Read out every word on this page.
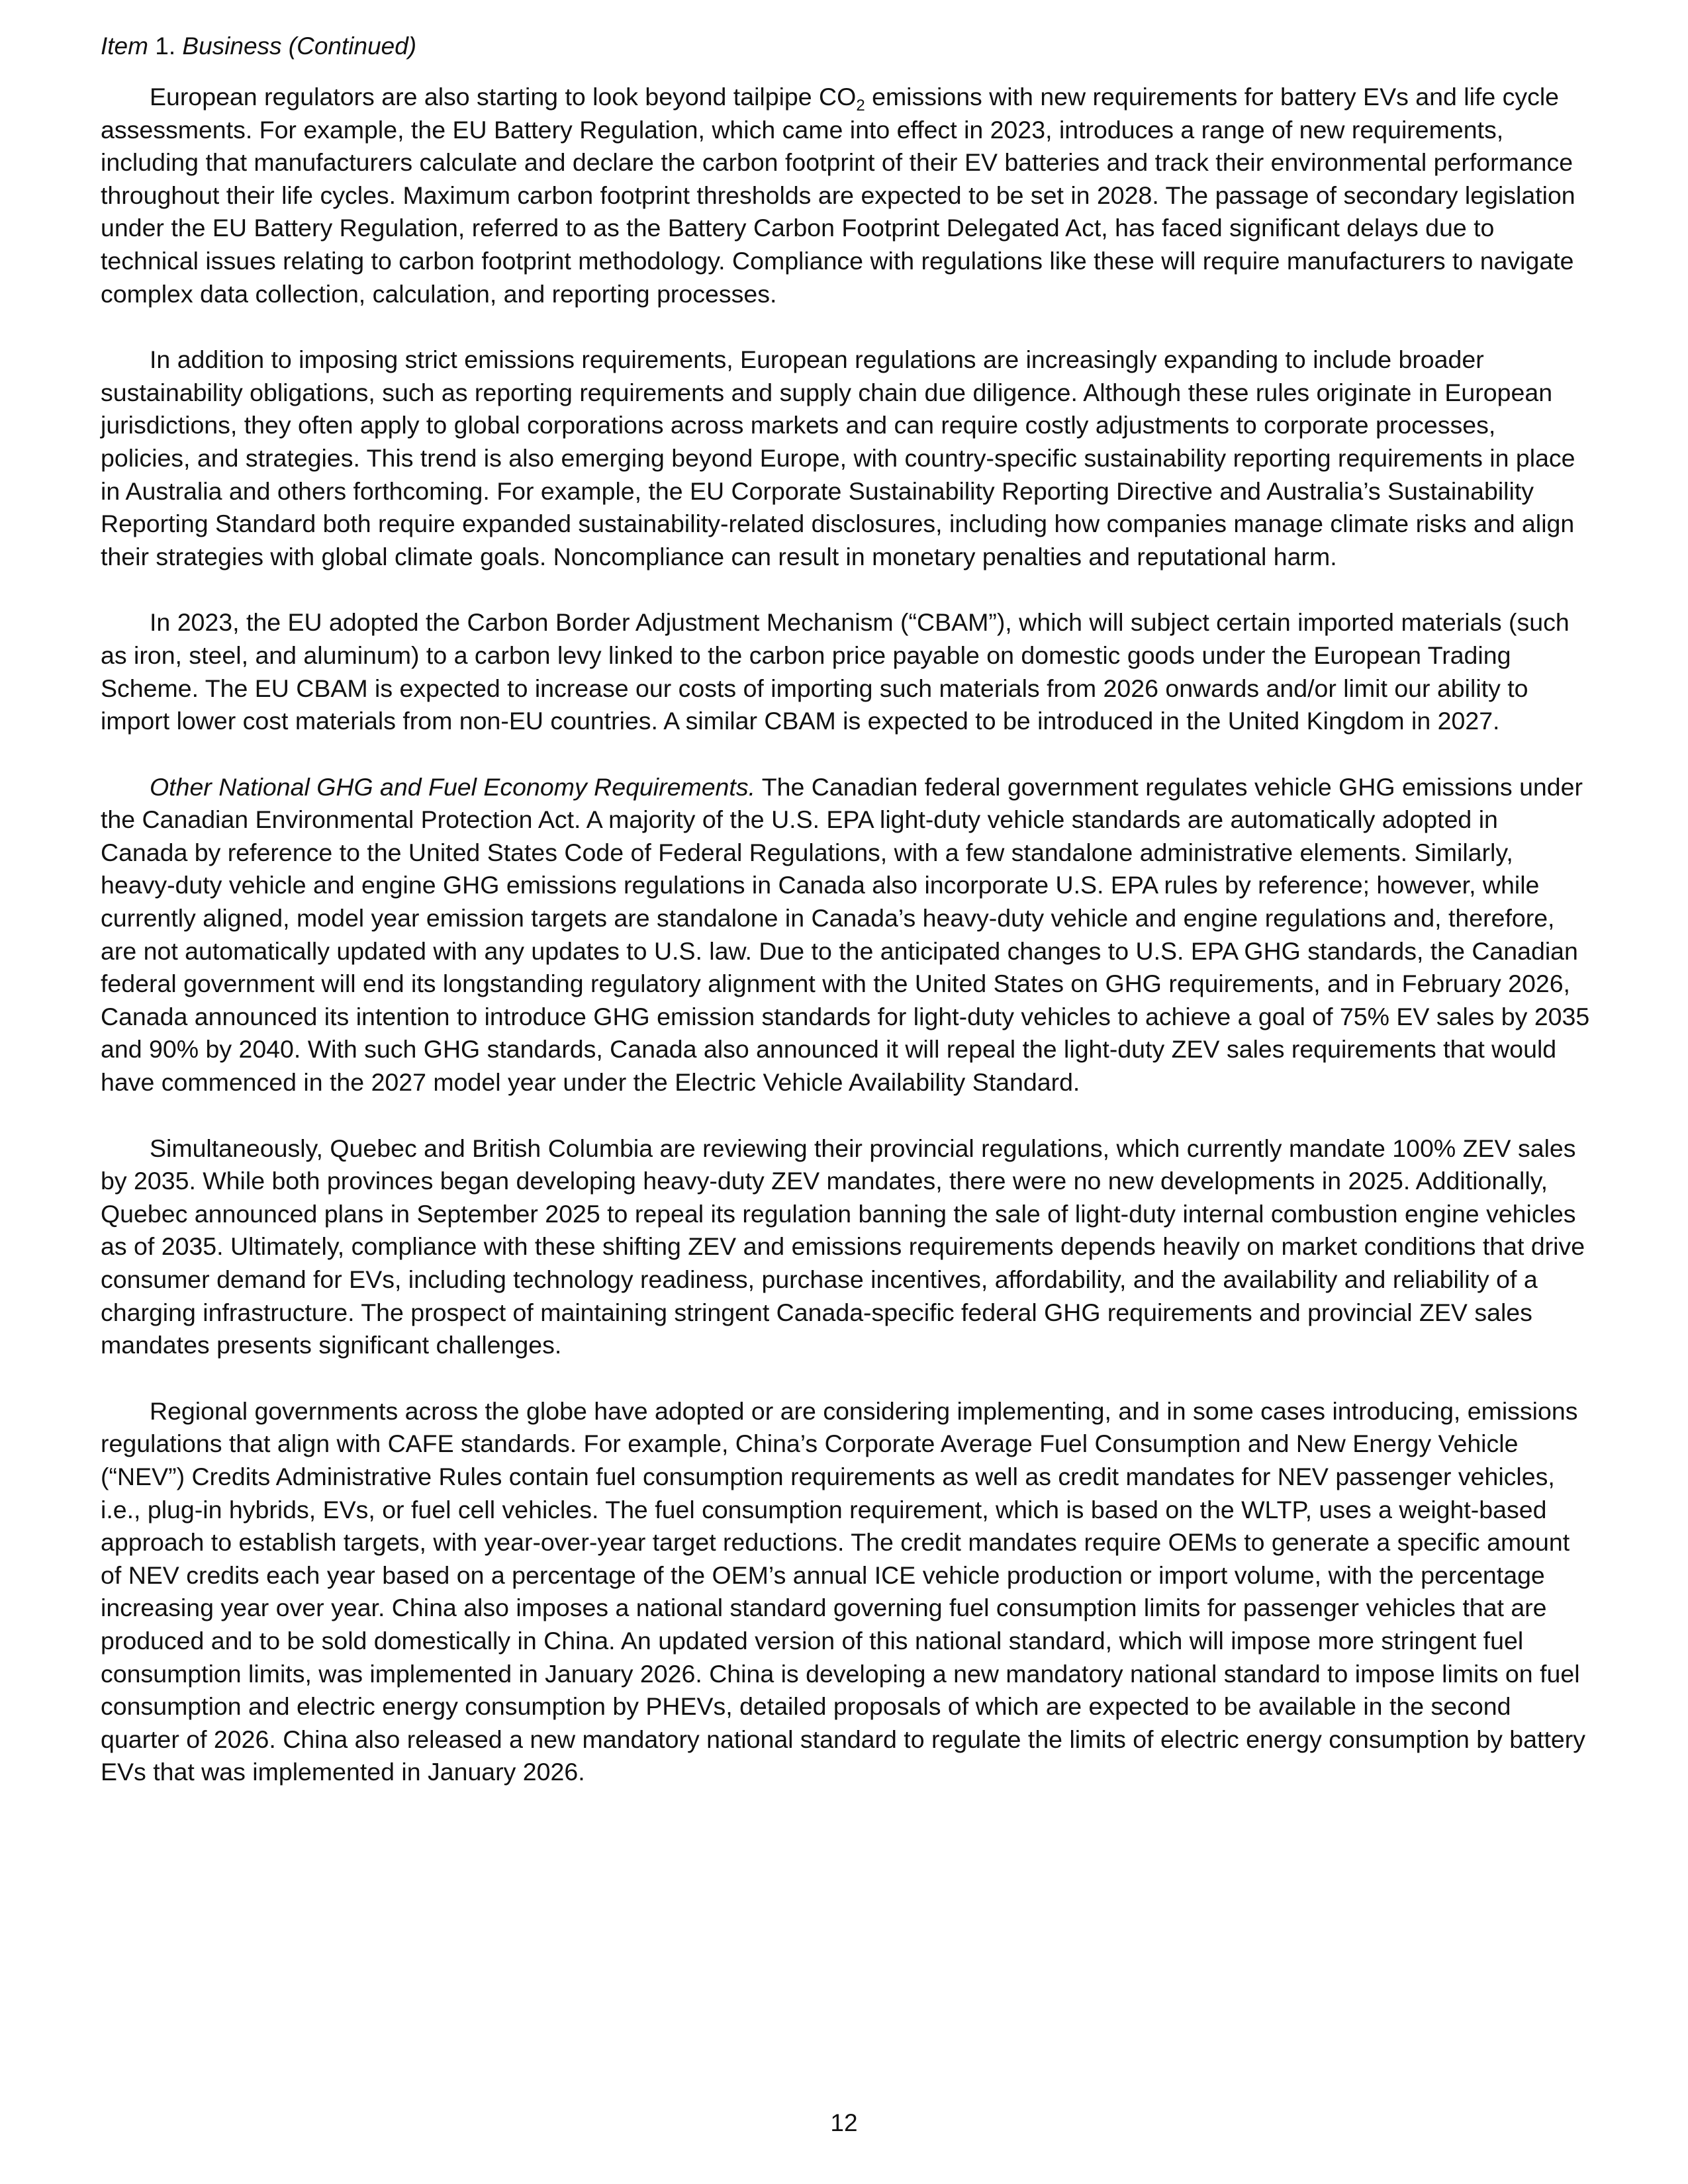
Item 1. Business (Continued)

European regulators are also starting to look beyond tailpipe $CO_2$ emissions with new requirements for battery EVs and life cycle assessments. For example, the EU Battery Regulation, which came into effect in 2023, introduces a range of new requirements, including that manufacturers calculate and declare the carbon footprint of their EV batteries and track their environmental performance throughout their life cycles. Maximum carbon footprint thresholds are expected to be set in 2028. The passage of secondary legislation under the EU Battery Regulation, referred to as the Battery Carbon Footprint Delegated Act, has faced significant delays due to technical issues relating to carbon footprint methodology. Compliance with regulations like these will require manufacturers to navigate complex data collection, calculation, and reporting processes.

In addition to imposing strict emissions requirements, European regulations are increasingly expanding to include broader sustainability obligations, such as reporting requirements and supply chain due diligence. Although these rules originate in European jurisdictions, they often apply to global corporations across markets and can require costly adjustments to corporate processes, policies, and strategies. This trend is also emerging beyond Europe, with country-specific sustainability reporting requirements in place in Australia and others forthcoming. For example, the EU Corporate Sustainability Reporting Directive and Australia’s Sustainability Reporting Standard both require expanded sustainability-related disclosures, including how companies manage climate risks and align their strategies with global climate goals. Noncompliance can result in monetary penalties and reputational harm.

In 2023, the EU adopted the Carbon Border Adjustment Mechanism (“CBAM”), which will subject certain imported materials (such as iron, steel, and aluminum) to a carbon levy linked to the carbon price payable on domestic goods under the European Trading Scheme. The EU CBAM is expected to increase our costs of importing such materials from 2026 onwards and/or limit our ability to import lower cost materials from non-EU countries. A similar CBAM is expected to be introduced in the United Kingdom in 2027.

Other National GHG and Fuel Economy Requirements. The Canadian federal government regulates vehicle GHG emissions under the Canadian Environmental Protection Act. A majority of the U.S. EPA light-duty vehicle standards are automatically adopted in Canada by reference to the United States Code of Federal Regulations, with a few standalone administrative elements. Similarly, heavy-duty vehicle and engine GHG emissions regulations in Canada also incorporate U.S. EPA rules by reference; however, while currently aligned, model year emission targets are standalone in Canada’s heavy-duty vehicle and engine regulations and, therefore, are not automatically updated with any updates to U.S. law. Due to the anticipated changes to U.S. EPA GHG standards, the Canadian federal government will end its longstanding regulatory alignment with the United States on GHG requirements, and in February 2026, Canada announced its intention to introduce GHG emission standards for light-duty vehicles to achieve a goal of 75% EV sales by 2035 and 90% by 2040. With such GHG standards, Canada also announced it will repeal the light-duty ZEV sales requirements that would have commenced in the 2027 model year under the Electric Vehicle Availability Standard.

Simultaneously, Quebec and British Columbia are reviewing their provincial regulations, which currently mandate 100% ZEV sales by 2035. While both provinces began developing heavy-duty ZEV mandates, there were no new developments in 2025. Additionally, Quebec announced plans in September 2025 to repeal its regulation banning the sale of light-duty internal combustion engine vehicles as of 2035. Ultimately, compliance with these shifting ZEV and emissions requirements depends heavily on market conditions that drive consumer demand for EVs, including technology readiness, purchase incentives, affordability, and the availability and reliability of a charging infrastructure. The prospect of maintaining stringent Canada-specific federal GHG requirements and provincial ZEV sales mandates presents significant challenges.

Regional governments across the globe have adopted or are considering implementing, and in some cases introducing, emissions regulations that align with CAFE standards. For example, China’s Corporate Average Fuel Consumption and New Energy Vehicle (“NEV”) Credits Administrative Rules contain fuel consumption requirements as well as credit mandates for NEV passenger vehicles, i.e., plug-in hybrids, EVs, or fuel cell vehicles. The fuel consumption requirement, which is based on the WLTP, uses a weight-based approach to establish targets, with year-over-year target reductions. The credit mandates require OEMs to generate a specific amount of NEV credits each year based on a percentage of the OEM’s annual ICE vehicle production or import volume, with the percentage increasing year over year. China also imposes a national standard governing fuel consumption limits for passenger vehicles that are produced and to be sold domestically in China. An updated version of this national standard, which will impose more stringent fuel consumption limits, was implemented in January 2026. China is developing a new mandatory national standard to impose limits on fuel consumption and electric energy consumption by PHEVs, detailed proposals of which are expected to be available in the second quarter of 2026. China also released a new mandatory national standard to regulate the limits of electric energy consumption by battery EVs that was implemented in January 2026.

12
